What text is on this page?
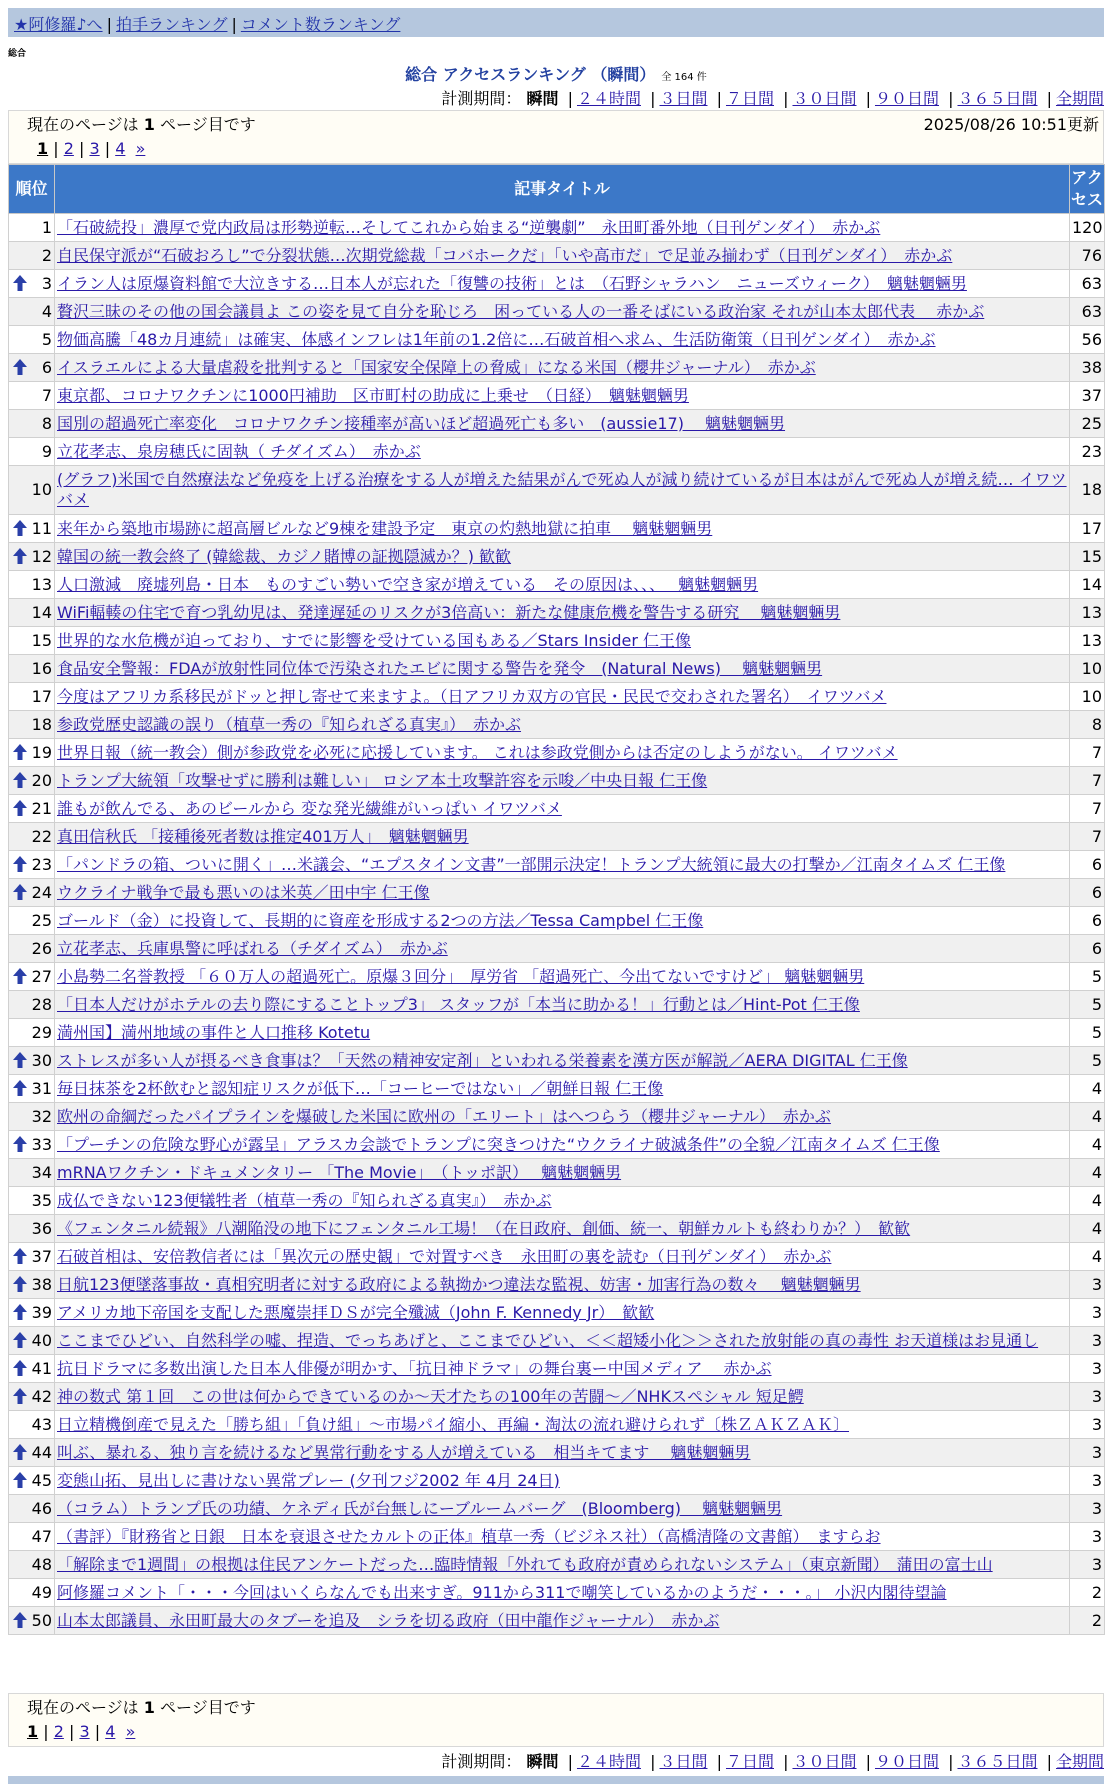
★阿修羅♪へ | 拍手ランキング | コメント数ランキング
総合
総合 アクセスランキング （瞬間） 全 164 件
計測期間： 瞬間 | ２４時間 | ３日間 | ７日間 | ３０日間 | ９０日間 | ３６５日間 | 全期間
現在のページは 1 ページ目です	2025/08/26 10:51更新
1 | 2 | 3 | 4 »
順位	記事タイトル	アクセス
1	「石破続投」濃厚で党内政局は形勢逆転…そしてこれから始まる“逆襲劇”　永田町番外地（日刊ゲンダイ）　赤かぶ	120
2	自民保守派が“石破おろし”で分裂状態…次期党総裁「コバホークだ」「いや高市だ」で足並み揃わず（日刊ゲンダイ）　赤かぶ	76

3	イラン人は原爆資料館で大泣きする…日本人が忘れた「復讐の技術」とは　（石野シャラハン　ニューズウィーク）　魑魅魍魎男	63
4	贅沢三昧のその他の国会議員よ この姿を見て自分を恥じろ　困っている人の一番そばにいる政治家 それが山本太郎代表　 赤かぶ	63
5	物価高騰「48カ月連続」は確実、体感インフレは1年前の1.2倍に…石破首相へ求ム、生活防衛策（日刊ゲンダイ）　赤かぶ	56

6	イスラエルによる大量虐殺を批判すると「国家安全保障上の脅威」になる米国（櫻井ジャーナル）　赤かぶ	38
7	東京都、コロナワクチンに1000円補助　区市町村の助成に上乗せ　（日経）　魑魅魍魎男	37
8	国別の超過死亡率変化　コロナワクチン接種率が高いほど超過死亡も多い　(aussie17)　 魑魅魍魎男	25
9	立花孝志、泉房穂氏に固執（ チダイズム）　赤かぶ	23
10	(グラフ)米国で自然療法など免疫を上げる治療をする人が増えた結果がんで死ぬ人が減り続けているが日本はがんで死ぬ人が増え続… イワツバメ	18

11	来年から築地市場跡に超高層ビルなど9棟を建設予定　東京の灼熱地獄に拍車　 魑魅魍魎男	17

12	韓国の統一教会終了 (韓総裁、カジノ賭博の証拠隠滅か？) 歓歓	15
13	人口激減　廃墟列島・日本　ものすごい勢いで空き家が増えている　その原因は、、、　 魑魅魍魎男	14
14	WiFi輻輳の住宅で育つ乳幼児は、発達遅延のリスクが3倍高い：新たな健康危機を警告する研究　 魑魅魍魎男	13
15	世界的な水危機が迫っており、すでに影響を受けている国もある／Stars Insider 仁王像	13
16	食品安全警報：FDAが放射性同位体で汚染されたエビに関する警告を発令　(Natural News)　 魑魅魍魎男	10
17	今度はアフリカ系移民がドッと押し寄せて来ますよ。（日アフリカ双方の官民・民民で交わされた署名）　イワツバメ	10
18	参政党歴史認識の誤り（植草一秀の『知られざる真実』）　赤かぶ	8

19	世界日報（統一教会）側が参政党を必死に応援しています。 これは参政党側からは否定のしようがない。 イワツバメ	7

20	トランプ大統領「攻撃せずに勝利は難しい」 ロシア本土攻撃許容を示唆／中央日報 仁王像	7

21	誰もが飲んでる、あのビールから 変な発光繊維がいっぱい イワツバメ	7
22	真田信秋氏 「接種後死者数は推定401万人」　魑魅魍魎男	7

23	「パンドラの箱、ついに開く」…米議会、“エプスタイン文書”一部開示決定！トランプ大統領に最大の打撃か／江南タイムズ 仁王像	6

24	ウクライナ戦争で最も悪いのは米英／田中宇 仁王像	6
25	ゴールド（金）に投資して、長期的に資産を形成する2つの方法／Tessa Campbel 仁王像	6
26	立花孝志、兵庫県警に呼ばれる（チダイズム）　赤かぶ	6

27	小島勢二名誉教授 「６０万人の超過死亡。原爆３回分」　厚労省 「超過死亡、今出てないですけど」 魑魅魍魎男	5
28	「日本人だけがホテルの去り際にすることトップ3」 スタッフが「本当に助かる！」行動とは／Hint-Pot 仁王像	5
29	満州国】満州地域の事件と人口推移 Kotetu	5

30	ストレスが多い人が摂るべき食事は？「天然の精神安定剤」といわれる栄養素を漢方医が解説／AERA DIGITAL 仁王像	5

31	毎日抹茶を2杯飲むと認知症リスクが低下…「コーヒーではない」／朝鮮日報 仁王像	4
32	欧州の命綱だったパイプラインを爆破した米国に欧州の「エリート」はへつらう（櫻井ジャーナル）　赤かぶ	4

33	「プーチンの危険な野心が露呈」アラスカ会談でトランプに突きつけた“ウクライナ破滅条件”の全貌／江南タイムズ 仁王像	4
34	mRNAワクチン・ドキュメンタリー 「The Movie」　（トッポ訳）　 魑魅魍魎男	4
35	成仏できない123便犠牲者（植草一秀の『知られざる真実』）　赤かぶ	4
36	《フェンタニル続報》八潮陥没の地下にフェンタニル工場！（在日政府、創価、統一、朝鮮カルトも終わりか？）　歓歓	4

37	石破首相は、安倍教信者には「異次元の歴史観」で対置すべき　永田町の裏を読む（日刊ゲンダイ）　赤かぶ	4

38	日航123便墜落事故・真相究明者に対する政府による執拗かつ違法な監視、妨害・加害行為の数々　 魑魅魍魎男	3

39	アメリカ地下帝国を支配した悪魔崇拝ＤＳが完全殲滅（John F. Kennedy Jr）　歓歓	3

40	ここまでひどい、自然科学の嘘、捏造、でっちあげと、ここまでひどい、＜＜超矮小化＞＞された放射能の真の毒性 お天道様はお見通し	3

41	抗日ドラマに多数出演した日本人俳優が明かす、「抗日神ドラマ」の舞台裏ー中国メディア　 赤かぶ	3

42	神の数式 第１回　この世は何からできているのか〜天才たちの100年の苦闘〜／NHKスペシャル 短足鰐	3
43	日立精機倒産で見えた「勝ち組」「負け組」〜市場パイ縮小、再編・淘汰の流れ避けられず〔株ＺＡＫＺＡＫ〕	3

44	叫ぶ、暴れる、独り言を続けるなど異常行動をする人が増えている　相当キてます　 魑魅魍魎男	3

45	変態山拓、見出しに書けない異常プレー (夕刊フジ2002 年 4月 24日)	3
46	（コラム）トランプ氏の功績、ケネディ氏が台無しにーブルームバーグ　(Bloomberg)　 魑魅魍魎男	3
47	（書評）『財務省と日銀　日本を衰退させたカルトの正体』植草一秀（ビジネス社）（高橋清隆の文書館）　ますらお	3
48	「解除まで1週間」の根拠は住民アンケートだった…臨時情報「外れても政府が責められないシステム」（東京新聞）　蒲田の富士山	3
49	阿修羅コメント「・・・今回はいくらなんでも出来すぎ。911から311で嘲笑しているかのようだ・・・。」 小沢内閣待望論	2

50	山本太郎議員、永田町最大のタブーを追及　シラを切る政府（田中龍作ジャーナル）　赤かぶ	2
現在のページは 1 ページ目です
1 | 2 | 3 | 4 »
計測期間： 瞬間 | ２４時間 | ３日間 | ７日間 | ３０日間 | ９０日間 | ３６５日間 | 全期間
